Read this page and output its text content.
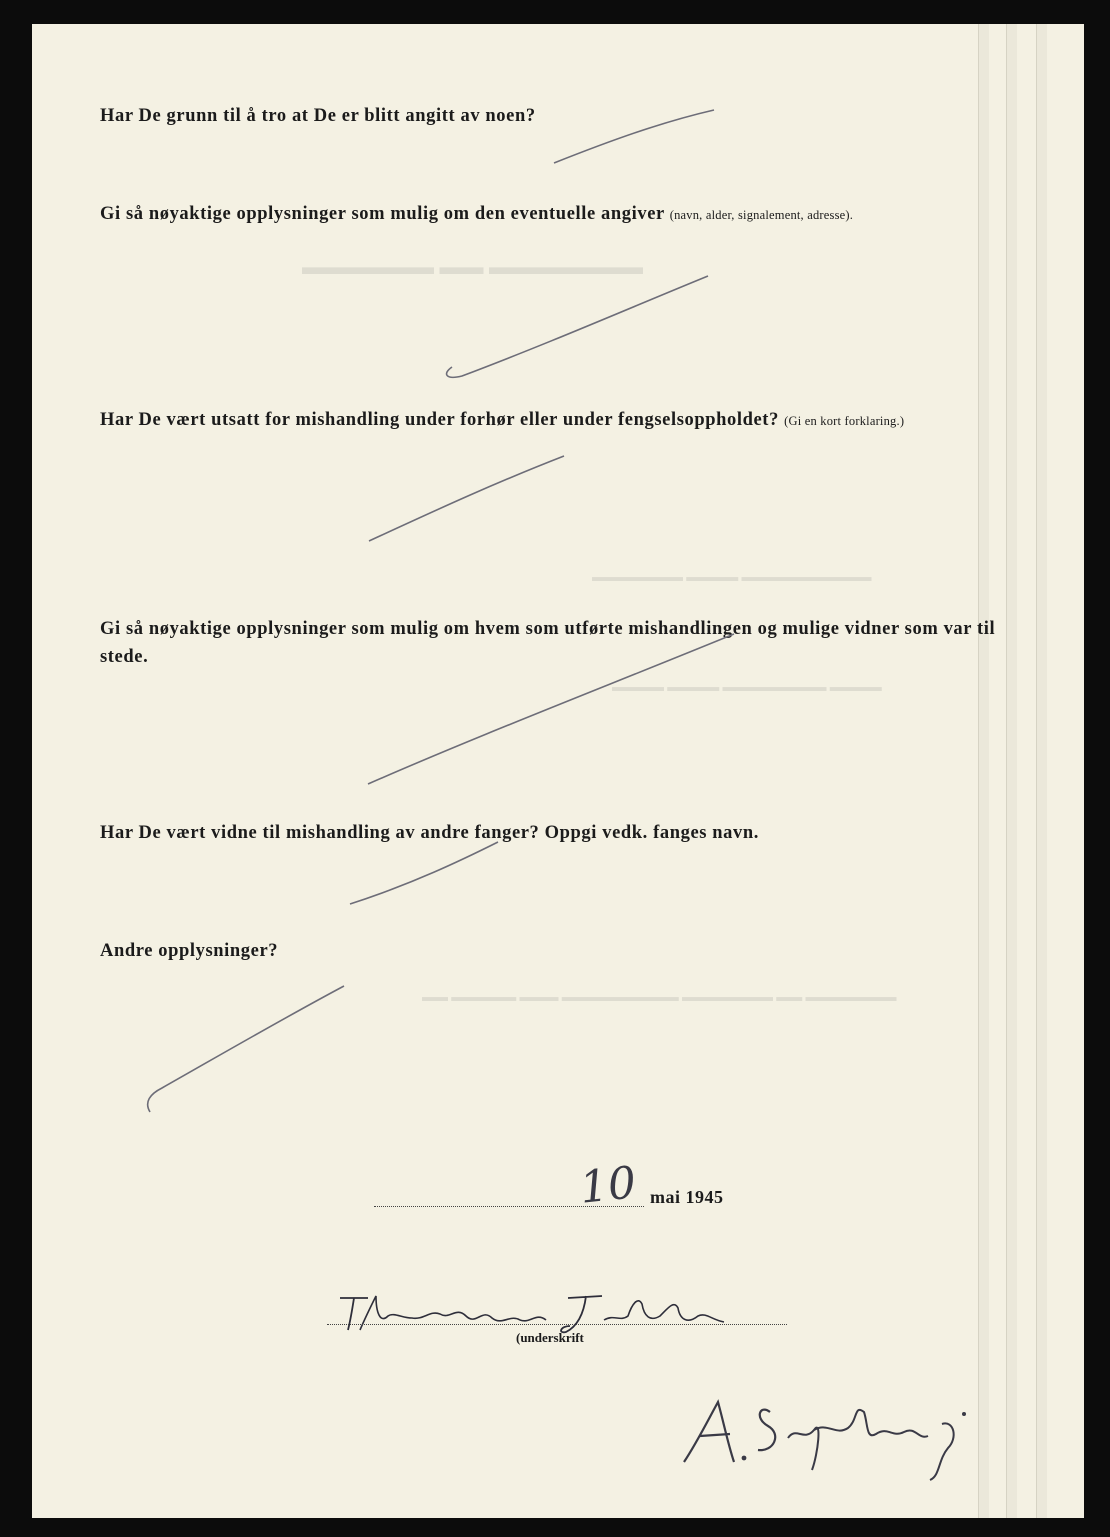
▬▬▬▬▬▬ ▬▬ ▬▬▬▬▬▬▬
▬▬▬▬▬▬▬ ▬▬▬▬ ▬▬▬▬▬▬▬▬▬▬
▬▬▬▬ ▬▬▬▬ ▬▬▬▬▬▬▬▬ ▬▬▬▬
▬▬ ▬▬▬▬▬ ▬▬▬ ▬▬▬▬▬▬▬▬▬ ▬▬▬▬▬▬▬ ▬▬ ▬▬▬▬▬▬▬

Har De grunn til å tro at De er blitt angitt av noen?

Gi så nøyaktige opplysninger som mulig om den eventuelle angiver (navn, alder, signalement, adresse).

Har De vært utsatt for mishandling under forhør eller under fengselsoppholdet? (Gi en kort forklaring.)

Gi så nøyaktige opplysninger som mulig om hvem som utførte mishandlingen og mulige vidner som var til stede.

Har De vært vidne til mishandling av andre fanger? Oppgi vedk. fanges navn.

Andre opplysninger?

10 mai 1945
(underskrift
